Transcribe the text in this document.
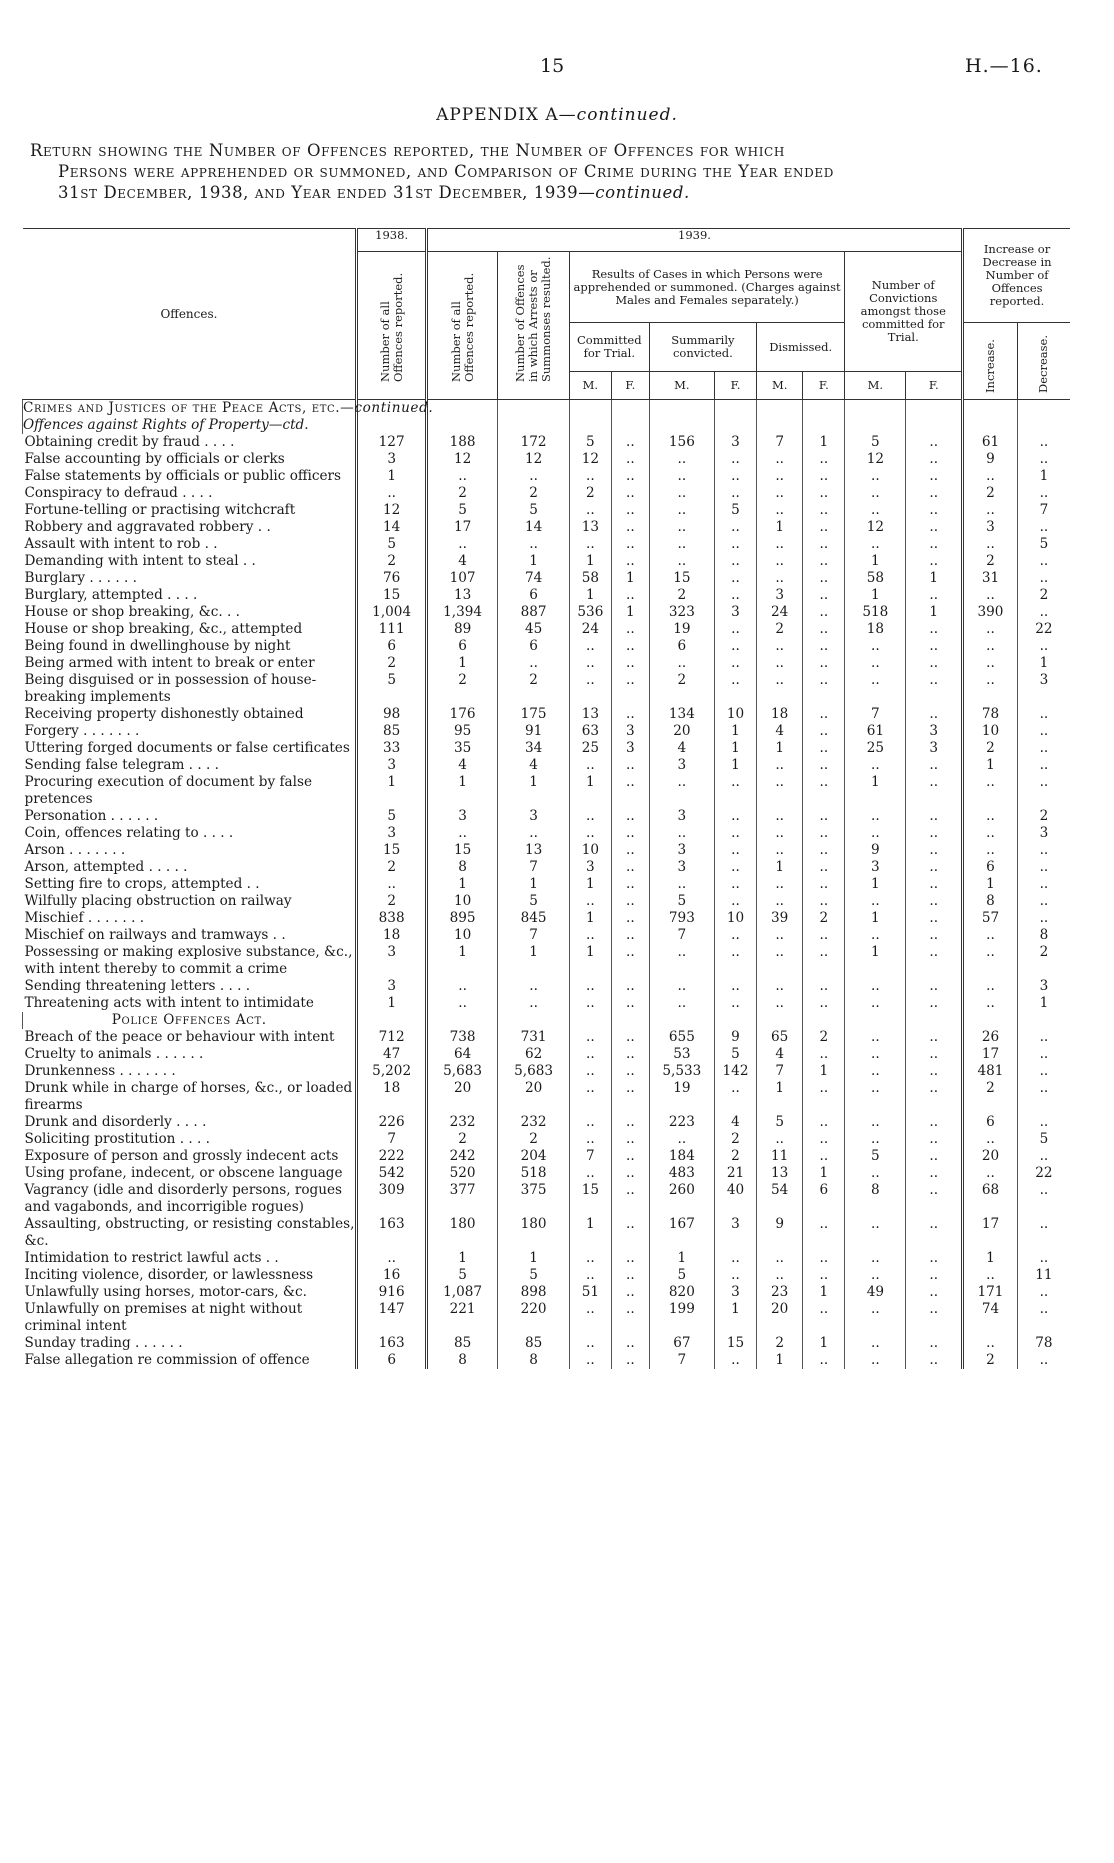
15	H.—16.
APPENDIX A—continued.
Return showing the Number of Offences reported, the Number of Offences for which
Persons were apprehended or summoned, and Comparison of Crime during the Year ended
31st December, 1938, and Year ended 31st December, 1939—continued.
Offences.	1938.	1939.										Increase or Decrease in Number of Offences reported.	

	Number of all Offences reported.	Number of all Offences reported.	Number of Offences in which Arrests or Summonses resulted.	Results of Cases in which Persons were apprehended or summoned. (Charges against Males and Females separately.)						Number of Convictions amongst those committed for Trial.			
				Committed for Trial.		Summarily convicted.		Dismissed.				Increase.	Decrease.

				M.	F.	M.	F.	M.	F.	M.	F.		
Crimes and Justices of the Peace Acts, etc.—continued.													
Offences against Rights of Property—ctd.													
Obtaining credit by fraud . . . .	127	188	172	5	..	156	3	7	1	5	..	61	..
False accounting by officials or clerks	3	12	12	12	..	..	..	..	..	12	..	9	..
False statements by officials or public officers	1	..	..	..	..	..	..	..	..	..	..	..	1
Conspiracy to defraud . . . .	..	2	2	2	..	..	..	..	..	..	..	2	..
Fortune-telling or practising witchcraft	12	5	5	..	..	..	5	..	..	..	..	..	7
Robbery and aggravated robbery . .	14	17	14	13	..	..	..	1	..	12	..	3	..
Assault with intent to rob . .	5	..	..	..	..	..	..	..	..	..	..	..	5
Demanding with intent to steal . .	2	4	1	1	..	..	..	..	..	1	..	2	..
Burglary . . . . . .	76	107	74	58	1	15	..	..	..	58	1	31	..
Burglary, attempted . . . .	15	13	6	1	..	2	..	3	..	1	..	..	2
House or shop breaking, &c. . .	1,004	1,394	887	536	1	323	3	24	..	518	1	390	..
House or shop breaking, &c., attempted	111	89	45	24	..	19	..	2	..	18	..	..	22
Being found in dwellinghouse by night	6	6	6	..	..	6	..	..	..	..	..	..	..
Being armed with intent to break or enter	2	1	..	..	..	..	..	..	..	..	..	..	1
Being disguised or in possession of house-breaking implements	5	2	2	..	..	2	..	..	..	..	..	..	3
Receiving property dishonestly obtained	98	176	175	13	..	134	10	18	..	7	..	78	..
Forgery . . . . . . .	85	95	91	63	3	20	1	4	..	61	3	10	..
Uttering forged documents or false certificates	33	35	34	25	3	4	1	1	..	25	3	2	..
Sending false telegram . . . .	3	4	4	..	..	3	1	..	..	..	..	1	..
Procuring execution of document by false pretences	1	1	1	1	..	..	..	..	..	1	..	..	..
Personation . . . . . .	5	3	3	..	..	3	..	..	..	..	..	..	2
Coin, offences relating to . . . .	3	..	..	..	..	..	..	..	..	..	..	..	3
Arson . . . . . . .	15	15	13	10	..	3	..	..	..	9	..	..	..
Arson, attempted . . . . .	2	8	7	3	..	3	..	1	..	3	..	6	..
Setting fire to crops, attempted . .	..	1	1	1	..	..	..	..	..	1	..	1	..
Wilfully placing obstruction on railway	2	10	5	..	..	5	..	..	..	..	..	8	..
Mischief . . . . . . .	838	895	845	1	..	793	10	39	2	1	..	57	..
Mischief on railways and tramways . .	18	10	7	..	..	7	..	..	..	..	..	..	8
Possessing or making explosive substance, &c., with intent thereby to commit a crime	3	1	1	1	..	..	..	..	..	1	..	..	2
Sending threatening letters . . . .	3	..	..	..	..	..	..	..	..	..	..	..	3
Threatening acts with intent to intimidate	1	..	..	..	..	..	..	..	..	..	..	..	1
Police Offences Act.													
Breach of the peace or behaviour with intent	712	738	731	..	..	655	9	65	2	..	..	26	..
Cruelty to animals . . . . . .	47	64	62	..	..	53	5	4	..	..	..	17	..
Drunkenness . . . . . . .	5,202	5,683	5,683	..	..	5,533	142	7	1	..	..	481	..
Drunk while in charge of horses, &c., or loaded firearms	18	20	20	..	..	19	..	1	..	..	..	2	..
Drunk and disorderly . . . .	226	232	232	..	..	223	4	5	..	..	..	6	..
Soliciting prostitution . . . .	7	2	2	..	..	..	2	..	..	..	..	..	5
Exposure of person and grossly indecent acts	222	242	204	7	..	184	2	11	..	5	..	20	..
Using profane, indecent, or obscene language	542	520	518	..	..	483	21	13	1	..	..	..	22
Vagrancy (idle and disorderly persons, rogues and vagabonds, and incorrigible rogues)	309	377	375	15	..	260	40	54	6	8	..	68	..
Assaulting, obstructing, or resisting constables, &c.	163	180	180	1	..	167	3	9	..	..	..	17	..
Intimidation to restrict lawful acts . .	..	1	1	..	..	1	..	..	..	..	..	1	..
Inciting violence, disorder, or lawlessness	16	5	5	..	..	5	..	..	..	..	..	..	11
Unlawfully using horses, motor-cars, &c.	916	1,087	898	51	..	820	3	23	1	49	..	171	..
Unlawfully on premises at night without criminal intent	147	221	220	..	..	199	1	20	..	..	..	74	..
Sunday trading . . . . . .	163	85	85	..	..	67	15	2	1	..	..	..	78
False allegation re commission of offence	6	8	8	..	..	7	..	1	..	..	..	2	..
